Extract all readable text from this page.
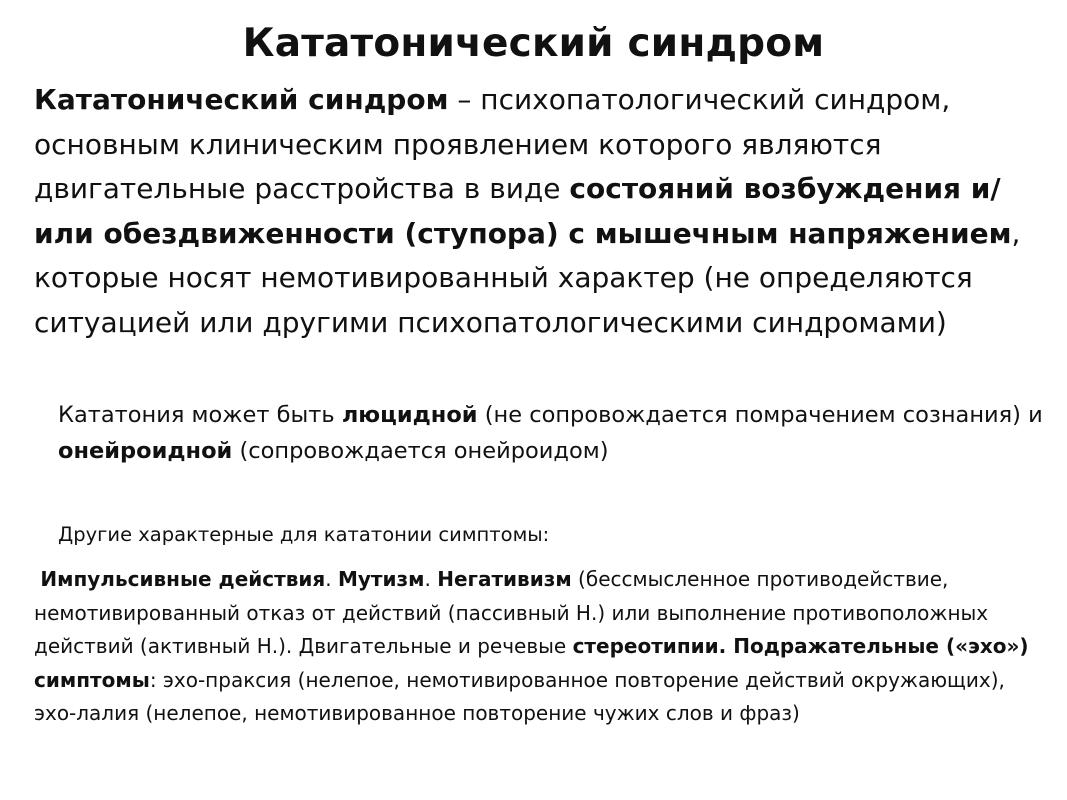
Кататонический синдром

Кататонический синдром – психопатологический синдром, основным клиническим проявлением которого являются двигательные расстройства в виде состояний возбуждения и/или обездвиженности (ступора) с мышечным напряжением, которые носят немотивированный характер (не определяются ситуацией или другими психопатологическими синдромами)

Кататония может быть люцидной (не сопровождается помрачением сознания) и онейроидной (сопровождается онейроидом)

Другие характерные для кататонии симптомы:

Импульсивные действия. Мутизм. Негативизм (бессмысленное противодействие, немотивированный отказ от действий (пассивный Н.) или выполнение противоположных действий (активный Н.). Двигательные и речевые стереотипии. Подражательные («эхо») симптомы: эхо-праксия (нелепое, немотивированное повторение действий окружающих), эхо-лалия (нелепое, немотивированное повторение чужих слов и фраз)
